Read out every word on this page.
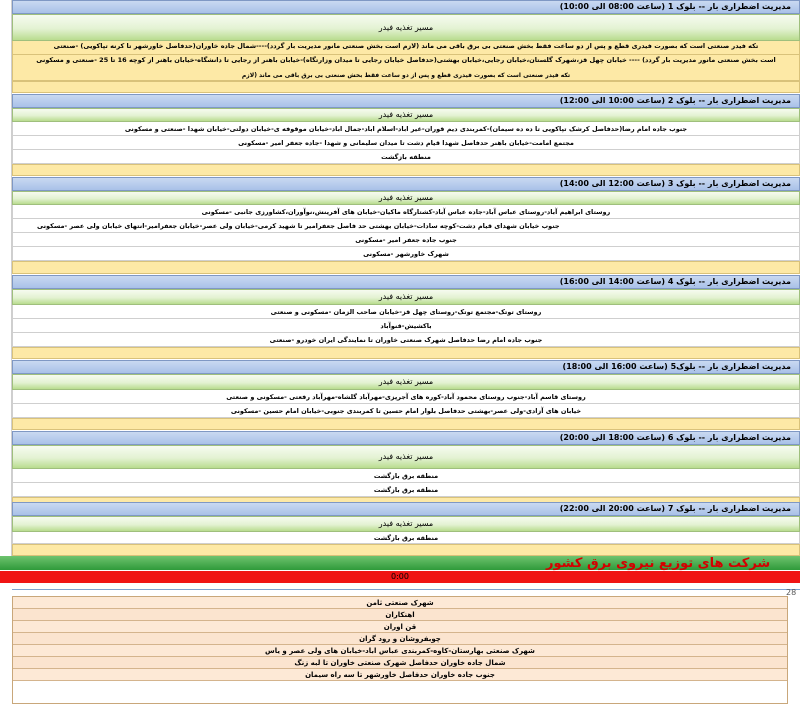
مدیریت اضطراری بار -- بلوک 1 (ساعت 08:00 الی 10:00)
مسیر تغذیه فیدر
تکه فیدر صنعتی است که بصورت فیدری قطع و پس از دو ساعت فقط بخش صنعتی بی برق باقی می ماند (لازم است بخش صنعتی مانور مدیریت بار گردد)----شمال جاده خاوران(حدفاصل خاورشهر تا کرنه تپاکویی) -صنعتی
است بخش صنعتی مانور مدیریت بار گردد) ---- خیابان چهل قز،شهرک گلستان،خیابان رجایی،خیابان بهشتی(حدفاصل خیابان رجایی تا میدان وزارتگاه)-خیابان باهنر از رجایی تا دانشگاه-خیابان باهنر از کوچه 16 تا 25 -صنعتی و مسکونی
تکه فیدر صنعتی است که بصورت فیدری قطع و پس از دو ساعت فقط بخش صنعتی بی برق باقی می ماند (لازم
مدیریت اضطراری بار -- بلوک 2 (ساعت 10:00 الی 12:00)
مسیر تغذیه فیدر
جنوب جاده امام رضا(حدفاصل کرشک تپاکویی تا ده ده سیمان)-کمربندی دیم قوران-غیر اباد-اسلام اباد-جمال اباد-خیابان موقوفه ی-خیابان دولتی-خیابان شهدا -صنعتی و مسکونی
مجتمع امامت-خیابان باهنر حدفاصل شهدا قیام دشت تا میدان سلیمانی و شهدا -جاده جعفر امیر -مسکونی
منطقه بازگشت
مدیریت اضطراری بار -- بلوک 3 (ساعت 12:00 الی 14:00)
مسیر تغذیه فیدر
روستای ابراهیم آباد-روستای عباس آباد-جاده عباس آباد-کشتارگاه ماکیان-خیابان های آفرینش،نوآوران،کشاورزی جانبی -مسکونی
جنوب خیابان شهدای قیام دشت-کوچه سادات-خیابان بهشتی حد فاصل جعفرامیر تا شهید کرمی-خیابان ولی عصر-خیابان جعفرامیر-انتهای خیابان ولی عصر -مسکونی
جنوب جاده جعفر امیر -مسکونی
شهرک خاورشهر -مسکونی
مدیریت اضطراری بار -- بلوک 4 (ساعت 14:00 الی 16:00)
مسیر تغذیه فیدر
روستای توتک-مجتمع توتک-روستای چهل قز-خیابان صاحب الزمان -مسکونی و صنعتی
باکشیش-قنوآباد
جنوب جاده امام رضا حدفاصل شهرک صنعتی خاوران تا نمایندگی ایران خودرو -صنعتی
مدیریت اضطراری بار -- بلوک5 (ساعت 16:00 الی 18:00)
مسیر تغذیه فیدر
روستای قاسم آباد-جنوب روستای محمود آباد-کوره های آجرپزی-مهرآباد گلشاه-مهرآباد رفعتی -مسکونی و صنعتی
خیابان های آزادی-ولی عصر-بهشتی حدفاصل بلوار امام حسین تا کمربندی جنوبی-خیابان امام حسین -مسکونی
مدیریت اضطراری بار -- بلوک 6 (ساعت 18:00 الی 20:00)
مسیر تغذیه فیدر
منطقه برق بازگشت
منطقه برق بازگشت
مدیریت اضطراری بار -- بلوک 7 (ساعت 20:00 الی 22:00)
مسیر تغذیه فیدر
منطقه برق بازگشت
شرکت های توزیع نیروی برق کشور
0:00
28
شهرک صنعتی ثامن
اهنکاران
قن اوران
چوبفروشان و رود گران
شهرک صنعتی بهارستان-کاوه-کمربندی عباس اباد-خیابان های ولی عصر و یاس
شمال جاده خاوران حدفاصل شهرک صنعتی خاوران تا لبه زنگ
جنوب جاده خاوران حدفاصل خاورشهر تا سه راه سیمان
